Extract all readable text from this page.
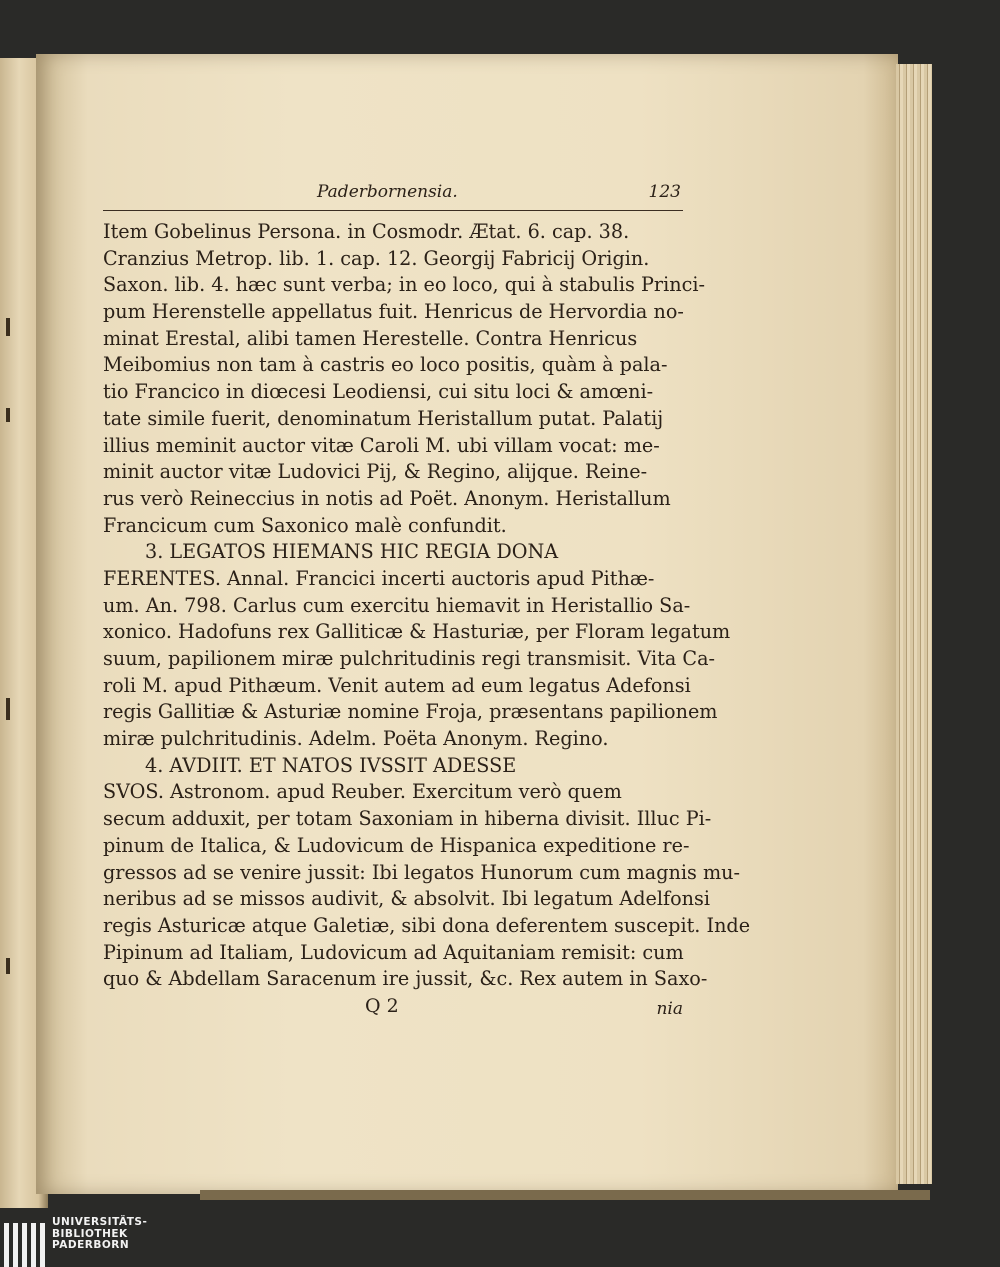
Paderbornensia.	123
Item Gobelinus Persona. in Cosmodr. Ætat. 6. cap. 38.
Cranzius Metrop. lib. 1. cap. 12. Georgij Fabricij Origin.
Saxon. lib. 4. hæc sunt verba; in eo loco, qui à stabulis Princi-
pum Herenstelle appellatus fuit. Henricus de Hervordia no-
minat Erestal, alibi tamen Herestelle. Contra Henricus
Meibomius non tam à castris eo loco positis, quàm à pala-
tio Francico in diœcesi Leodiensi, cui situ loci & amœni-
tate simile fuerit, denominatum Heristallum putat. Palatij
illius meminit auctor vitæ Caroli M. ubi villam vocat: me-
minit auctor vitæ Ludovici Pij, & Regino, alijque. Reine-
rus verò Reineccius in notis ad Poët. Anonym. Heristallum
Francicum cum Saxonico malè confundit.
3. LEGATOS HIEMANS HIC REGIA DONA
FERENTES. Annal. Francici incerti auctoris apud Pithæ-
um. An. 798. Carlus cum exercitu hiemavit in Heristallio Sa-
xonico. Hadofuns rex Galliticæ & Hasturiæ, per Floram legatum
suum, papilionem miræ pulchritudinis regi transmisit. Vita Ca-
roli M. apud Pithæum. Venit autem ad eum legatus Adefonsi
regis Gallitiæ & Asturiæ nomine Froja, præsentans papilionem
miræ pulchritudinis. Adelm. Poëta Anonym. Regino.
4. AVDIIT. ET NATOS IVSSIT ADESSE
SVOS. Astronom. apud Reuber. Exercitum verò quem
secum adduxit, per totam Saxoniam in hiberna divisit. Illuc Pi-
pinum de Italica, & Ludovicum de Hispanica expeditione re-
gressos ad se venire jussit: Ibi legatos Hunorum cum magnis mu-
neribus ad se missos audivit, & absolvit. Ibi legatum Adelfonsi
regis Asturicæ atque Galetiæ, sibi dona deferentem suscepit. Inde
Pipinum ad Italiam, Ludovicum ad Aquitaniam remisit: cum
quo & Abdellam Saracenum ire jussit, &c. Rex autem in Saxo-
Q 2	nia
UNIVERSITÄTS-
BIBLIOTHEK
PADERBORN
